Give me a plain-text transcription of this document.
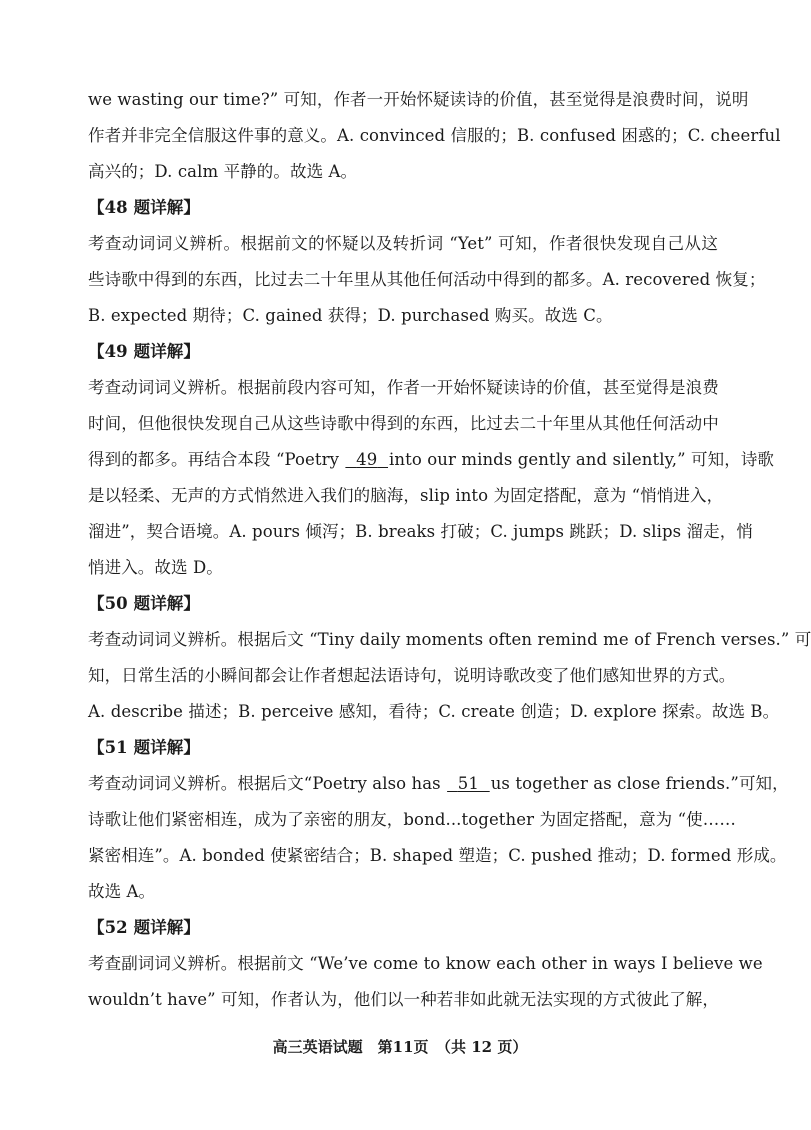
we wasting our time?” 可知，作者一开始怀疑读诗的价值，甚至觉得是浪费时间，说明
作者并非完全信服这件事的意义。A. convinced 信服的；B. confused 困惑的；C. cheerful
高兴的；D. calm 平静的。故选 A。
【48 题详解】
考查动词词义辨析。根据前文的怀疑以及转折词 “Yet” 可知，作者很快发现自己从这
些诗歌中得到的东西，比过去二十年里从其他任何活动中得到的都多。A. recovered 恢复；
B. expected 期待；C. gained 获得；D. purchased 购买。故选 C。
【49 题详解】
考查动词词义辨析。根据前段内容可知，作者一开始怀疑读诗的价值，甚至觉得是浪费
时间，但他很快发现自己从这些诗歌中得到的东西，比过去二十年里从其他任何活动中
得到的都多。再结合本段 “Poetry   49 into our minds gently and silently,” 可知，诗歌
是以轻柔、无声的方式悄然进入我们的脑海，slip into 为固定搭配，意为 “悄悄进入，
溜进”，契合语境。A. pours 倾泻；B. breaks 打破；C. jumps 跳跃；D. slips 溜走，悄
悄进入。故选 D。
【50 题详解】
考查动词词义辨析。根据后文 “Tiny daily moments often remind me of French verses.” 可
知，日常生活的小瞬间都会让作者想起法语诗句，说明诗歌改变了他们感知世界的方式。
A. describe 描述；B. perceive 感知，看待；C. create 创造；D. explore 探索。故选 B。
【51 题详解】
考查动词词义辨析。根据后文“Poetry also has   51 us together as close friends.”可知，
诗歌让他们紧密相连，成为了亲密的朋友，bond...together 为固定搭配，意为 “使……
紧密相连”。A. bonded 使紧密结合；B. shaped 塑造；C. pushed 推动；D. formed 形成。
故选 A。
【52 题详解】
考查副词词义辨析。根据前文 “We’ve come to know each other in ways I believe we
wouldn’t have” 可知，作者认为，他们以一种若非如此就无法实现的方式彼此了解，
高三英语试题　第11页　（共 12 页）
